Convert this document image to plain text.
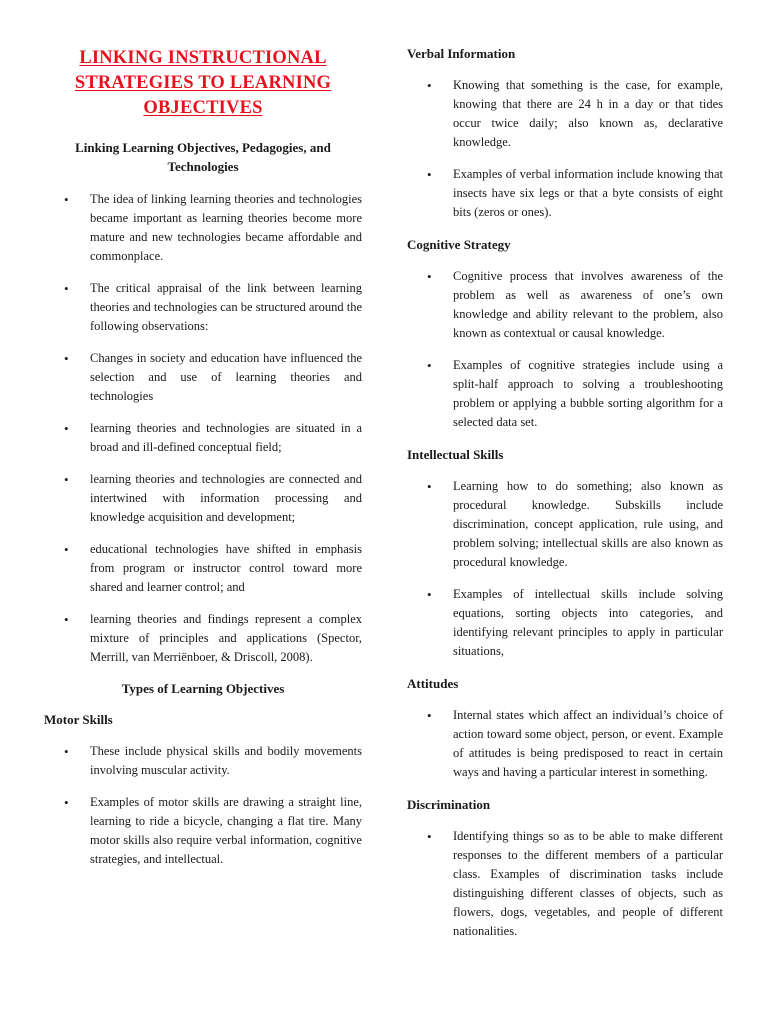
LINKING INSTRUCTIONAL
STRATEGIES TO LEARNING
OBJECTIVES
Linking Learning Objectives, Pedagogies, and Technologies
• The idea of linking learning theories and technologies became important as learning theories become more mature and new technologies became affordable and commonplace.
• The critical appraisal of the link between learning theories and technologies can be structured around the following observations:
• Changes in society and education have influenced the selection and use of learning theories and technologies
• learning theories and technologies are situated in a broad and ill-defined conceptual field;
• learning theories and technologies are connected and intertwined with information processing and knowledge acquisition and development;
• educational technologies have shifted in emphasis from program or instructor control toward more shared and learner control; and
• learning theories and findings represent a complex mixture of principles and applications (Spector, Merrill, van Merriënboer, & Driscoll, 2008).
Types of Learning Objectives
Motor Skills
• These include physical skills and bodily movements involving muscular activity.
• Examples of motor skills are drawing a straight line, learning to ride a bicycle, changing a flat tire. Many motor skills also require verbal information, cognitive strategies, and intellectual.
Verbal Information
• Knowing that something is the case, for example, knowing that there are 24 h in a day or that tides occur twice daily; also known as, declarative knowledge.
• Examples of verbal information include knowing that insects have six legs or that a byte consists of eight bits (zeros or ones).
Cognitive Strategy
• Cognitive process that involves awareness of the problem as well as awareness of one’s own knowledge and ability relevant to the problem, also known as contextual or causal knowledge.
• Examples of cognitive strategies include using a split-half approach to solving a troubleshooting problem or applying a bubble sorting algorithm for a selected data set.
Intellectual Skills
• Learning how to do something; also known as procedural knowledge. Subskills include discrimination, concept application, rule using, and problem solving; intellectual skills are also known as procedural knowledge.
• Examples of intellectual skills include solving equations, sorting objects into categories, and identifying relevant principles to apply in particular situations,
Attitudes
• Internal states which affect an individual’s choice of action toward some object, person, or event. Example of attitudes is being predisposed to react in certain ways and having a particular interest in something.
Discrimination
• Identifying things so as to be able to make different responses to the different members of a particular class. Examples of discrimination tasks include distinguishing different classes of objects, such as flowers, dogs, vegetables, and people of different nationalities.
